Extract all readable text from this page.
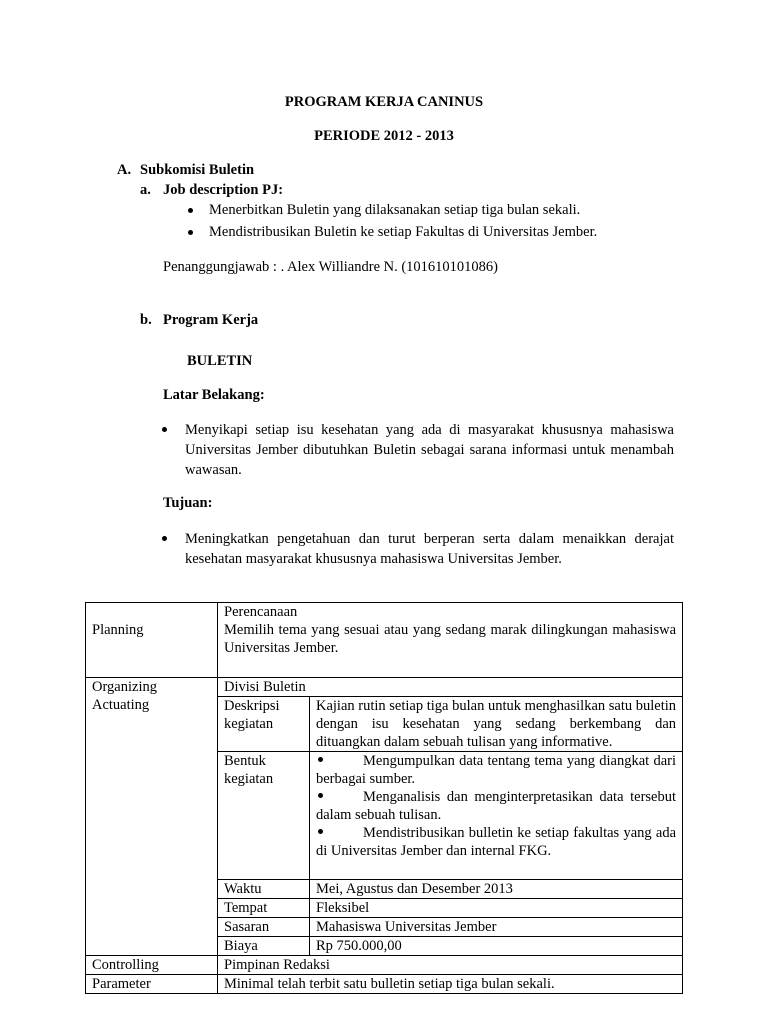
PROGRAM KERJA CANINUS
PERIODE 2012 - 2013
A. Subkomisi Buletin
a. Job description PJ:
Menerbitkan Buletin yang dilaksanakan setiap tiga bulan sekali.
Mendistribusikan Buletin ke setiap Fakultas di Universitas Jember.
Penanggungjawab : . Alex Williandre N. (101610101086)
b. Program Kerja
BULETIN
Latar Belakang:
Menyikapi setiap isu kesehatan yang ada di masyarakat khususnya mahasiswa Universitas Jember dibutuhkan Buletin sebagai sarana informasi untuk menambah wawasan.
Tujuan:
Meningkatkan pengetahuan dan turut berperan serta dalam menaikkan derajat kesehatan masyarakat khususnya mahasiswa Universitas Jember.
	Perencanaan	
Planning	Memilih tema yang sesuai atau yang sedang marak dilingkungan mahasiswa Universitas Jember.	

Organizing	Divisi Buletin	
Actuating	Deskripsi kegiatan	Kajian rutin setiap tiga bulan untuk menghasilkan satu buletin dengan isu kesehatan yang sedang berkembang dan dituangkan dalam sebuah tulisan yang informative.

	Bentuk kegiatan	Mengumpulkan data tentang tema yang diangkat dari berbagai sumber.
Menganalisis dan menginterpretasikan data tersebut dalam sebuah tulisan.
Mendistribusikan bulletin ke setiap fakultas yang ada di Universitas Jember dan internal FKG.

	Waktu	Mei, Agustus dan Desember 2013
	Tempat	Fleksibel
	Sasaran	Mahasiswa Universitas Jember
	Biaya	Rp 750.000,00
Controlling	Pimpinan Redaksi	
Parameter	Minimal telah terbit satu bulletin setiap tiga bulan sekali.	
